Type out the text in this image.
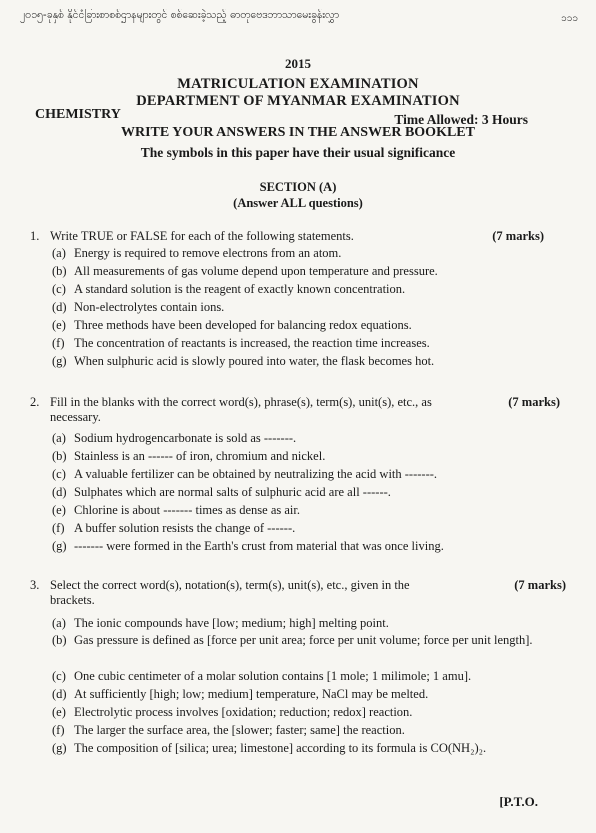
၂၀၁၅-ခုနှစ် နိုင်ငံခြားစာစစ်ဌာနများတွင် စစ်ဆေးခဲ့သည့် ဓာတုဗေဒဘာသာမေးခွန်းလွှာ	၁၁၁
2015
MATRICULATION EXAMINATION
DEPARTMENT OF MYANMAR EXAMINATION
CHEMISTRY	Time Allowed: 3 Hours
WRITE YOUR ANSWERS IN THE ANSWER BOOKLET
The symbols in this paper have their usual significance
SECTION (A)
(Answer ALL questions)
1. Write TRUE or FALSE for each of the following statements.	(7 marks)
(a) Energy is required to remove electrons from an atom.
(b) All measurements of gas volume depend upon temperature and pressure.
(c) A standard solution is the reagent of exactly known concentration.
(d) Non-electrolytes contain ions.
(e) Three methods have been developed for balancing redox equations.
(f) The concentration of reactants is increased, the reaction time increases.
(g) When sulphuric acid is slowly poured into water, the flask becomes hot.
2. Fill in the blanks with the correct word(s), phrase(s), term(s), unit(s), etc., as necessary.
(7 marks)
(a) Sodium hydrogencarbonate is sold as -------.
(b) Stainless is an ------ of iron, chromium and nickel.
(c) A valuable fertilizer can be obtained by neutralizing the acid with -------.
(d) Sulphates which are normal salts of sulphuric acid are all ------.
(e) Chlorine is about ------- times as dense as air.
(f) A buffer solution resists the change of ------.
(g) ------- were formed in the Earth's crust from material that was once living.
3. Select the correct word(s), notation(s), term(s), unit(s), etc., given in the brackets.
(7 marks)
(a) The ionic compounds have [low; medium; high] melting point.
(b) Gas pressure is defined as [force per unit area; force per unit volume; force per unit length].
(c) One cubic centimeter of a molar solution contains [1 mole; 1 milimole; 1 amu].
(d) At sufficiently [high; low; medium] temperature, NaCl may be melted.
(e) Electrolytic process involves [oxidation; reduction; redox] reaction.
(f) The larger the surface area, the [slower; faster; same] the reaction.
(g) The composition of [silica; urea; limestone] according to its formula is CO(NH₂)₂.
[P.T.O.
